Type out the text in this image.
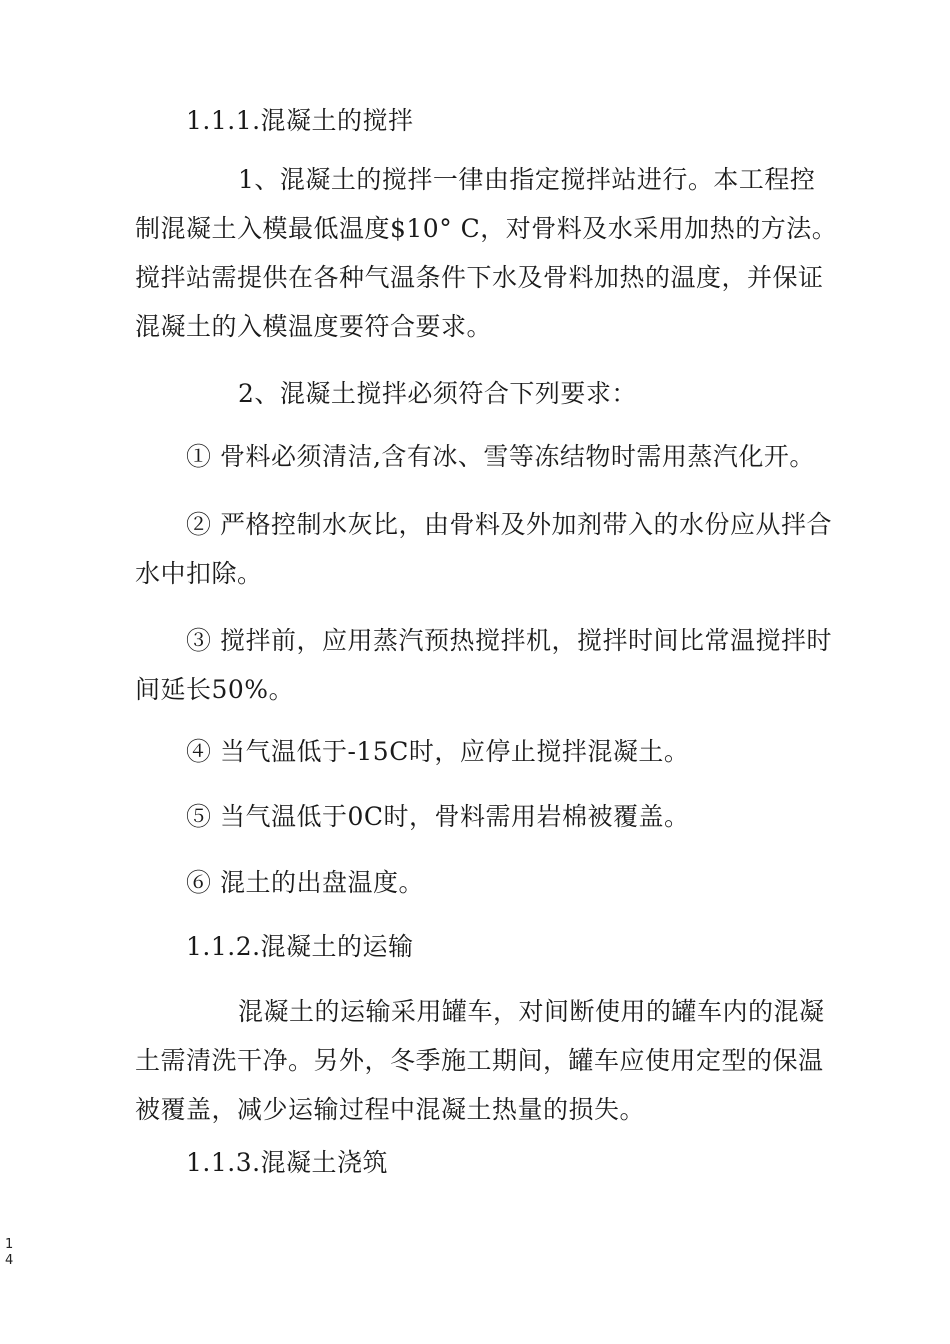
1.1.1.混凝土的搅拌
1、混凝土的搅拌一律由指定搅拌站进行。本工程控
制混凝土入模最低温度$10° C，对骨料及水采用加热的方法。
搅拌站需提供在各种气温条件下水及骨料加热的温度，并保证
混凝土的入模温度要符合要求。
2、混凝土搅拌必须符合下列要求：
① 骨料必须清洁,含有冰、雪等冻结物时需用蒸汽化开。
② 严格控制水灰比，由骨料及外加剂带入的水份应从拌合
水中扣除。
③ 搅拌前，应用蒸汽预热搅拌机，搅拌时间比常温搅拌时
间延长50%。
④ 当气温低于-15C时，应停止搅拌混凝土。
⑤ 当气温低于0C时，骨料需用岩棉被覆盖。
⑥ 混土的出盘温度。
1.1.2.混凝土的运输
混凝土的运输采用罐车，对间断使用的罐车内的混凝
土需清洗干净。另外，冬季施工期间，罐车应使用定型的保温
被覆盖，减少运输过程中混凝土热量的损失。
1.1.3.混凝土浇筑
1
4
